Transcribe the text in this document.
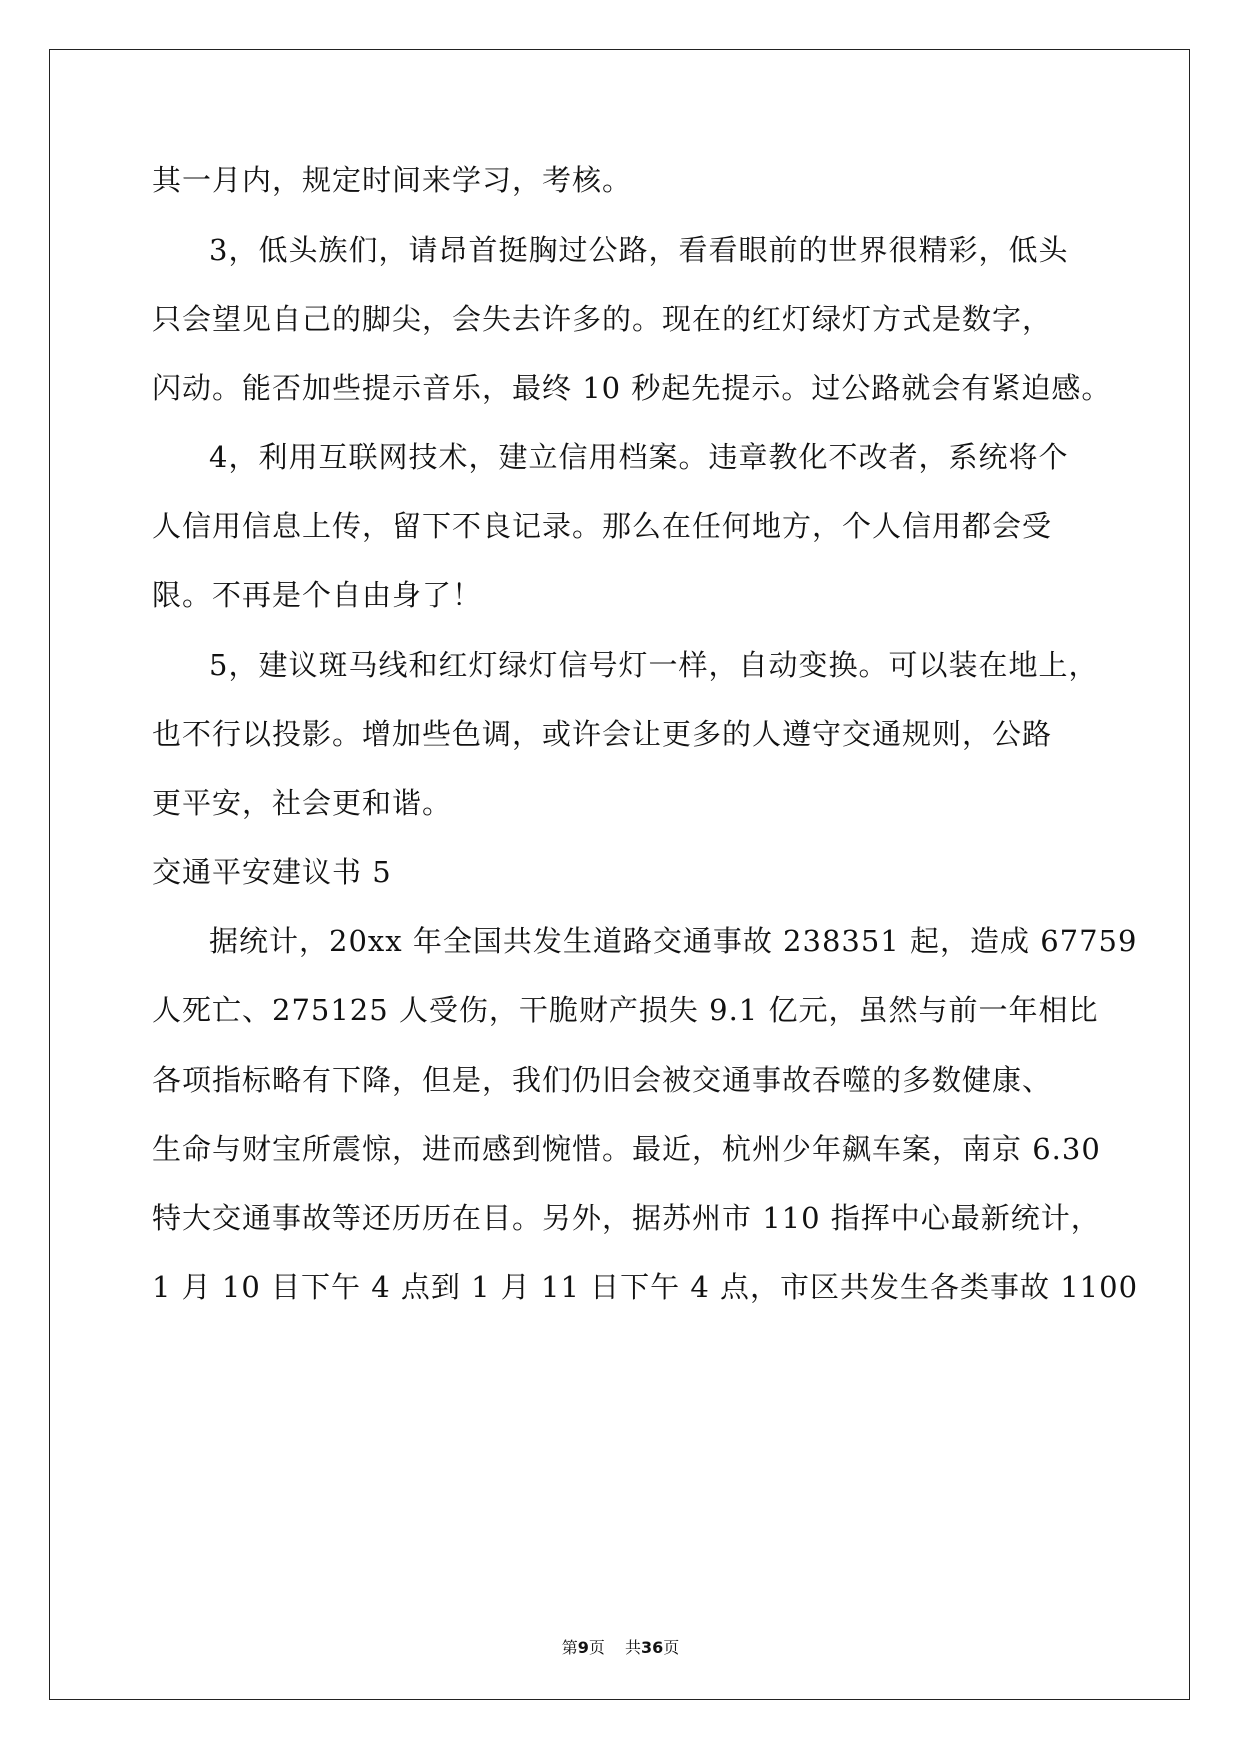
其一月内，规定时间来学习，考核。
3，低头族们，请昂首挺胸过公路，看看眼前的世界很精彩，低头
只会望见自己的脚尖，会失去许多的。现在的红灯绿灯方式是数字，
闪动。能否加些提示音乐，最终 10 秒起先提示。过公路就会有紧迫感。
4，利用互联网技术，建立信用档案。违章教化不改者，系统将个
人信用信息上传，留下不良记录。那么在任何地方，个人信用都会受
限。不再是个自由身了！
5，建议斑马线和红灯绿灯信号灯一样，自动变换。可以装在地上，
也不行以投影。增加些色调，或许会让更多的人遵守交通规则，公路
更平安，社会更和谐。
交通平安建议书 5
据统计，20xx 年全国共发生道路交通事故 238351 起，造成 67759
人死亡、275125 人受伤，干脆财产损失 9.1 亿元，虽然与前一年相比
各项指标略有下降，但是，我们仍旧会被交通事故吞噬的多数健康、
生命与财宝所震惊，进而感到惋惜。最近，杭州少年飙车案，南京 6.30
特大交通事故等还历历在目。另外，据苏州市 110 指挥中心最新统计，
1 月 10 目下午 4 点到 1 月 11 日下午 4 点，市区共发生各类事故 1100
第9页 共36页
